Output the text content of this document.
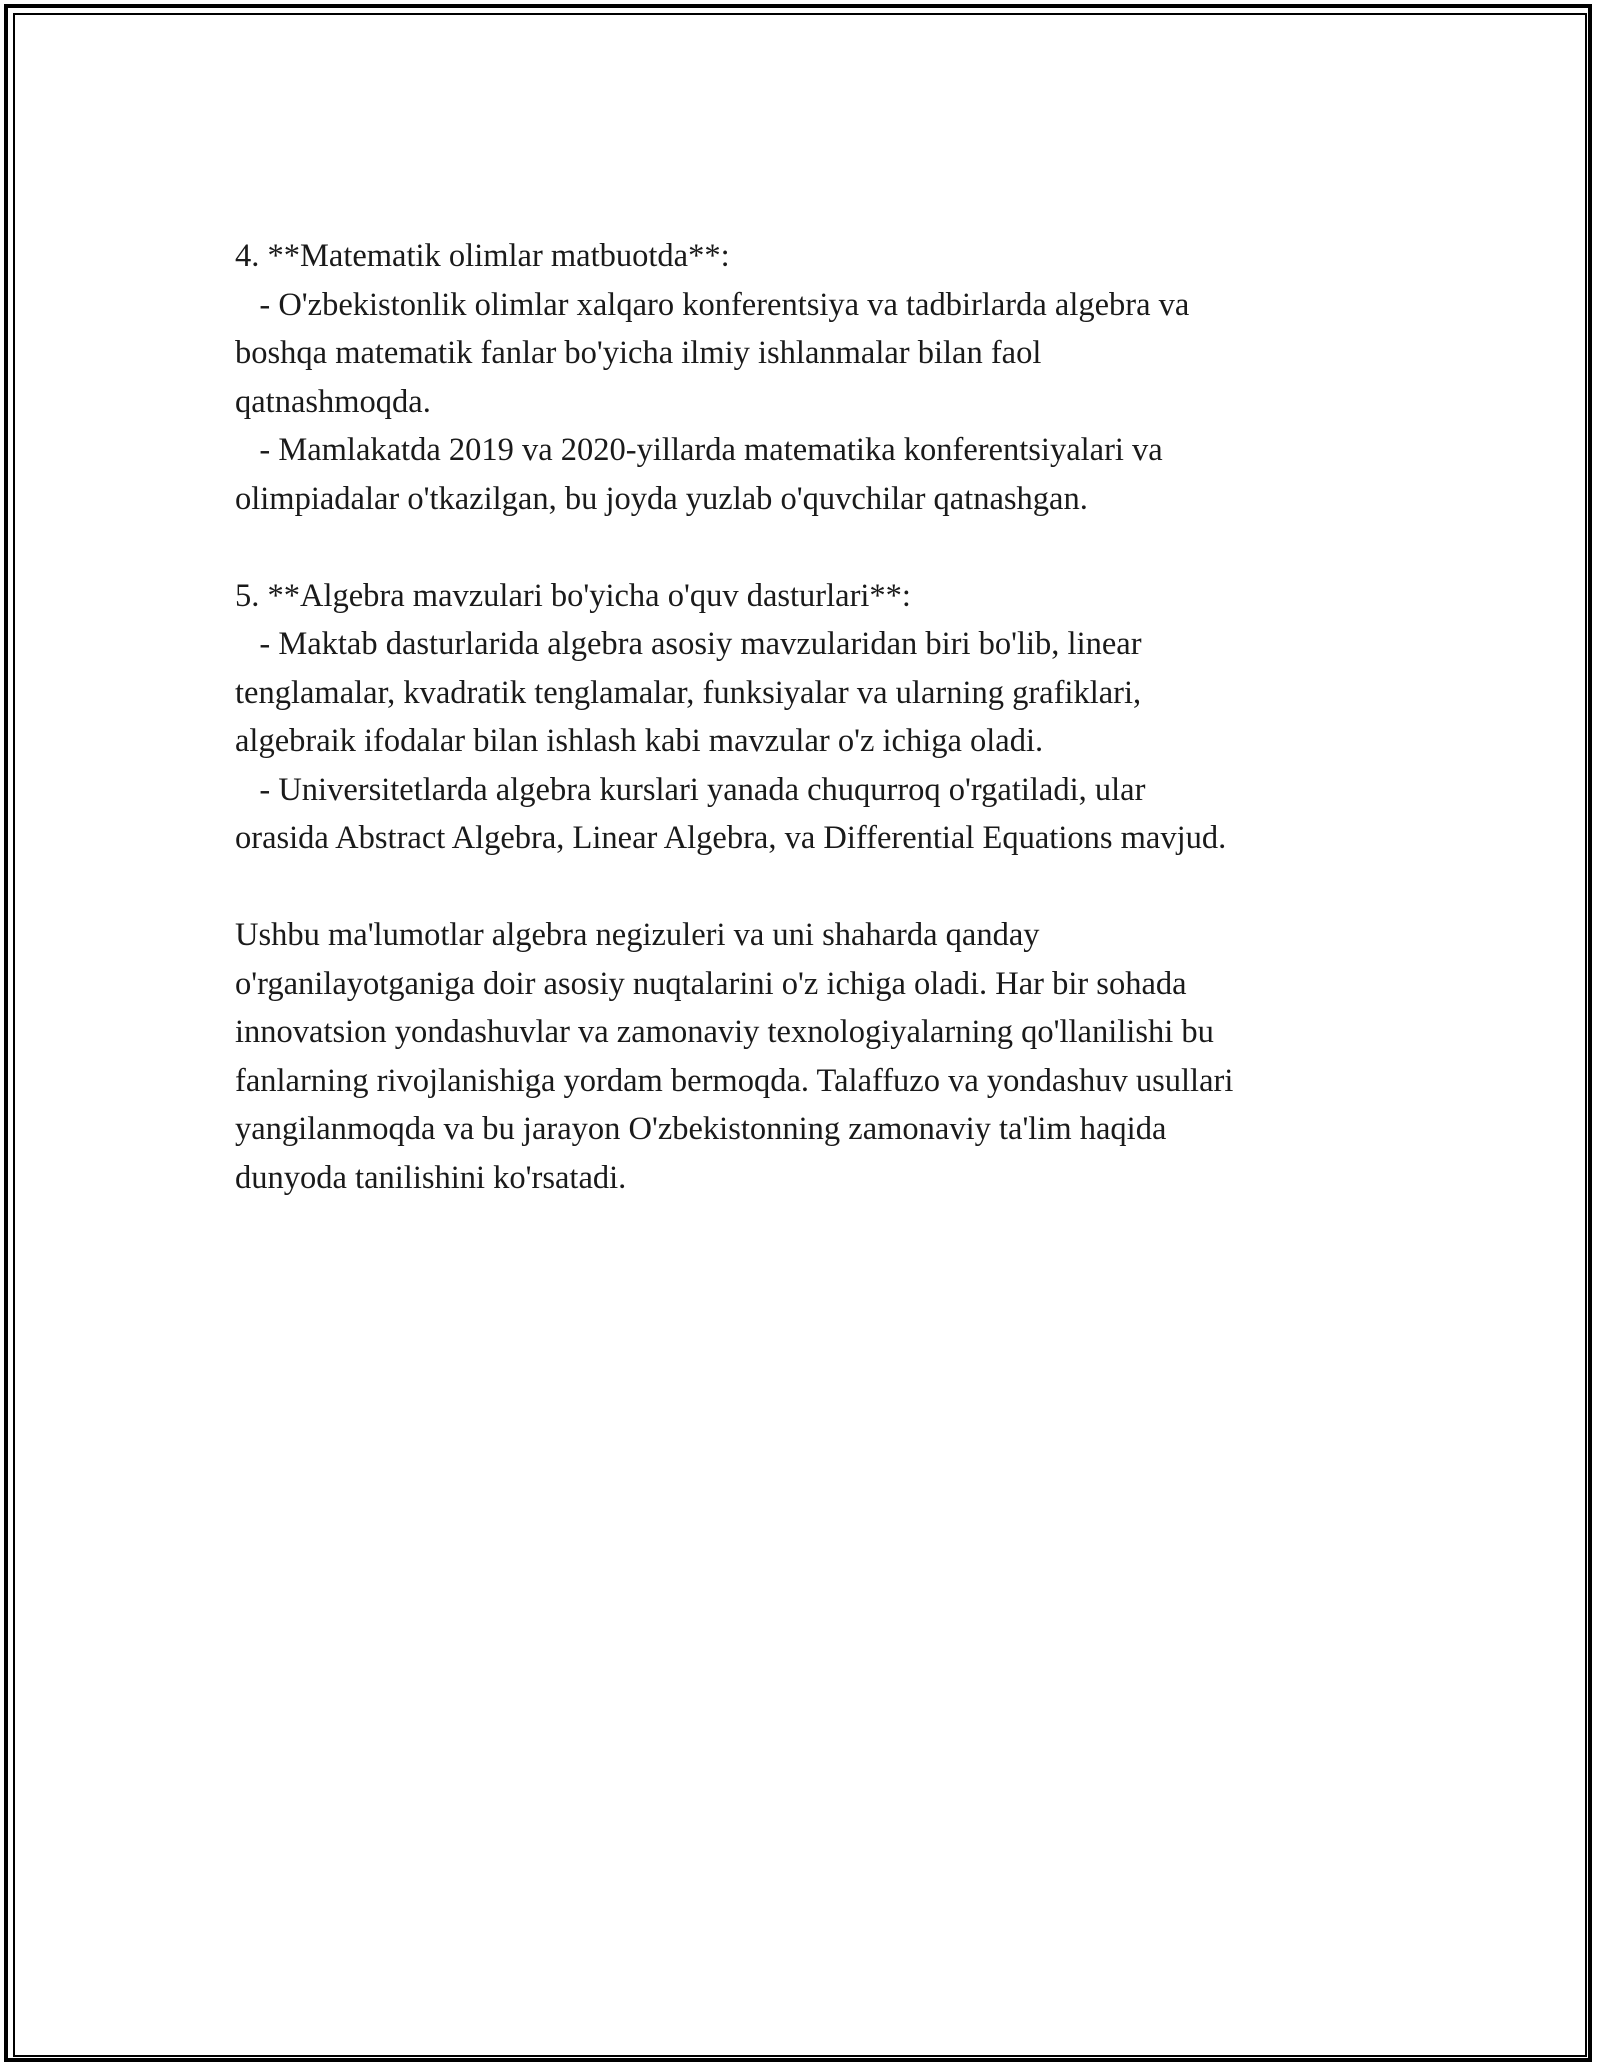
4. **Matematik olimlar matbuotda**:
- O'zbekistonlik olimlar xalqaro konferentsiya va tadbirlarda algebra va
boshqa matematik fanlar bo'yicha ilmiy ishlanmalar bilan faol
qatnashmoqda.
- Mamlakatda 2019 va 2020-yillarda matematika konferentsiyalari va
olimpiadalar o'tkazilgan, bu joyda yuzlab o'quvchilar qatnashgan.
5. **Algebra mavzulari bo'yicha o'quv dasturlari**:
- Maktab dasturlarida algebra asosiy mavzularidan biri bo'lib, linear
tenglamalar, kvadratik tenglamalar, funksiyalar va ularning grafiklari,
algebraik ifodalar bilan ishlash kabi mavzular o'z ichiga oladi.
- Universitetlarda algebra kurslari yanada chuqurroq o'rgatiladi, ular
orasida Abstract Algebra, Linear Algebra, va Differential Equations mavjud.
Ushbu ma'lumotlar algebra negizuleri va uni shaharda qanday
o'rganilayotganiga doir asosiy nuqtalarini o'z ichiga oladi. Har bir sohada
innovatsion yondashuvlar va zamonaviy texnologiyalarning qo'llanilishi bu
fanlarning rivojlanishiga yordam bermoqda. Talaffuzo va yondashuv usullari
yangilanmoqda va bu jarayon O'zbekistonning zamonaviy ta'lim haqida
dunyoda tanilishini ko'rsatadi.
